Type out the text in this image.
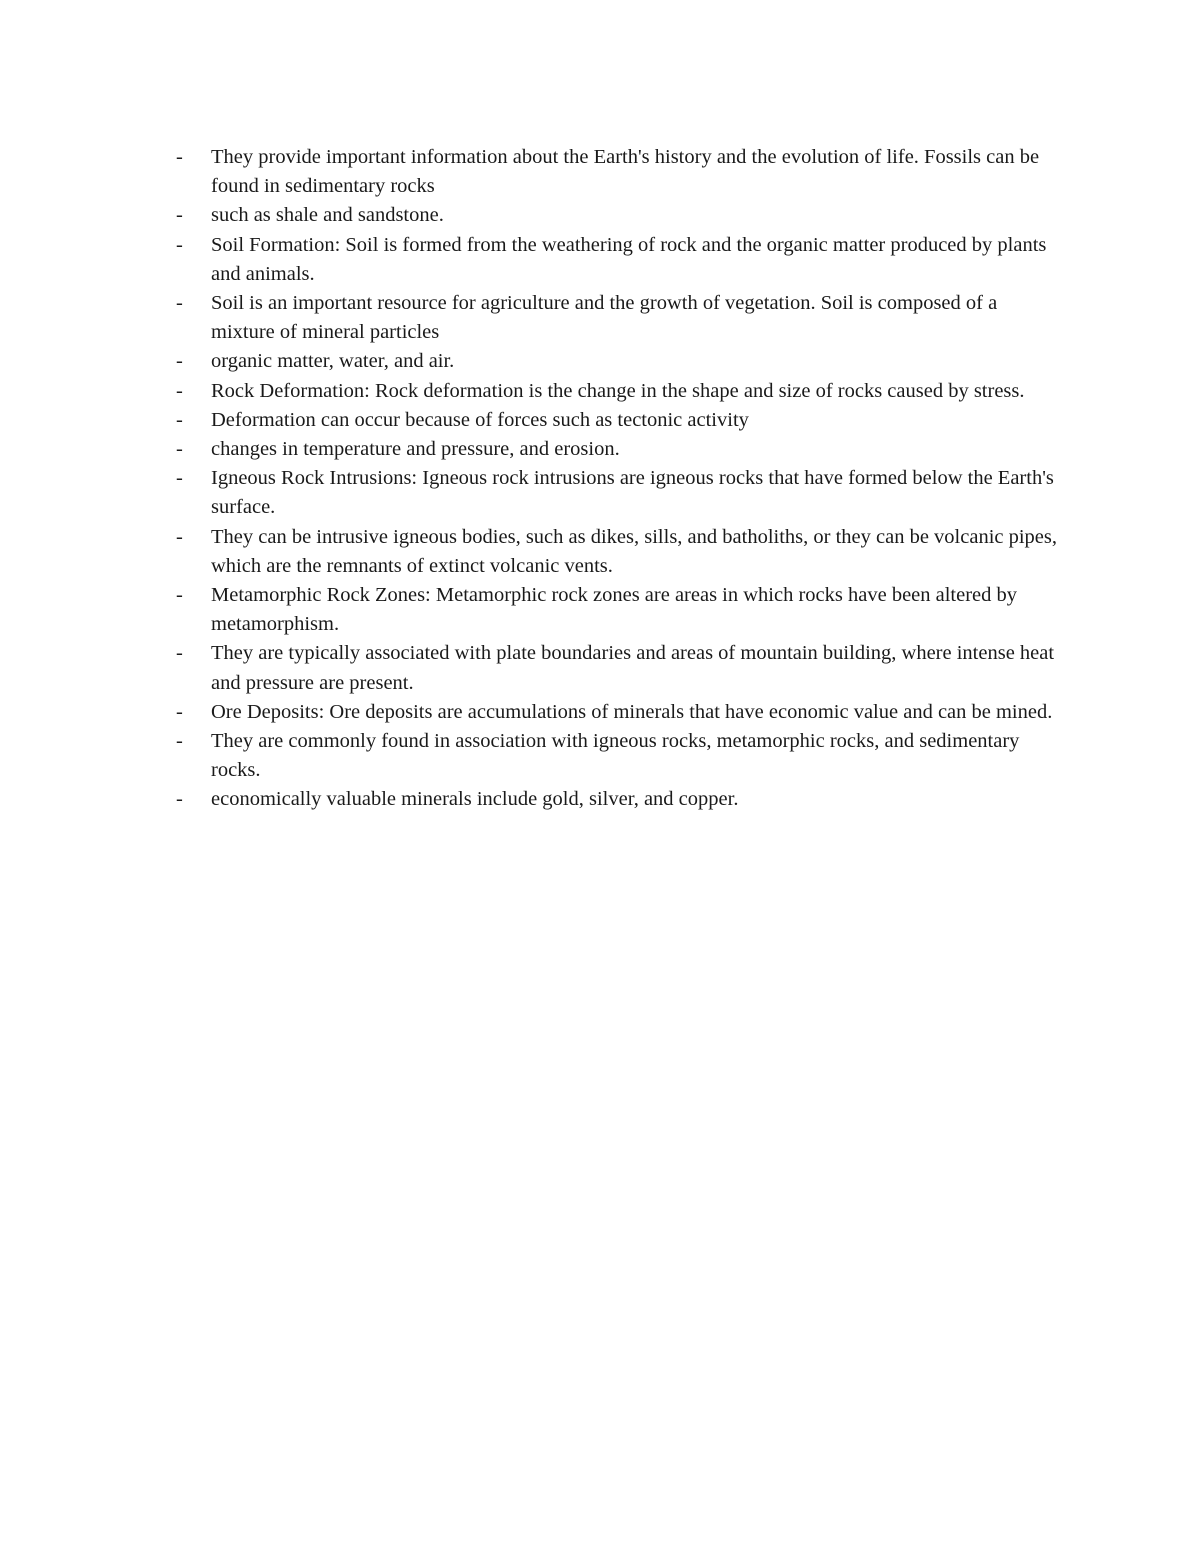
-	They provide important information about the Earth's history and the evolution of life. Fossils can be found in sedimentary rocks
-	such as shale and sandstone.
-	Soil Formation: Soil is formed from the weathering of rock and the organic matter produced by plants and animals.
-	Soil is an important resource for agriculture and the growth of vegetation. Soil is composed of a mixture of mineral particles
-	organic matter, water, and air.
-	Rock Deformation: Rock deformation is the change in the shape and size of rocks caused by stress.
-	Deformation can occur because of forces such as tectonic activity
-	changes in temperature and pressure, and erosion.
-	Igneous Rock Intrusions: Igneous rock intrusions are igneous rocks that have formed below the Earth's surface.
-	They can be intrusive igneous bodies, such as dikes, sills, and batholiths, or they can be volcanic pipes, which are the remnants of extinct volcanic vents.
-	Metamorphic Rock Zones: Metamorphic rock zones are areas in which rocks have been altered by metamorphism.
-	They are typically associated with plate boundaries and areas of mountain building, where intense heat and pressure are present.
-	Ore Deposits: Ore deposits are accumulations of minerals that have economic value and can be mined.
-	They are commonly found in association with igneous rocks, metamorphic rocks, and sedimentary rocks.
-	economically valuable minerals include gold, silver, and copper.
